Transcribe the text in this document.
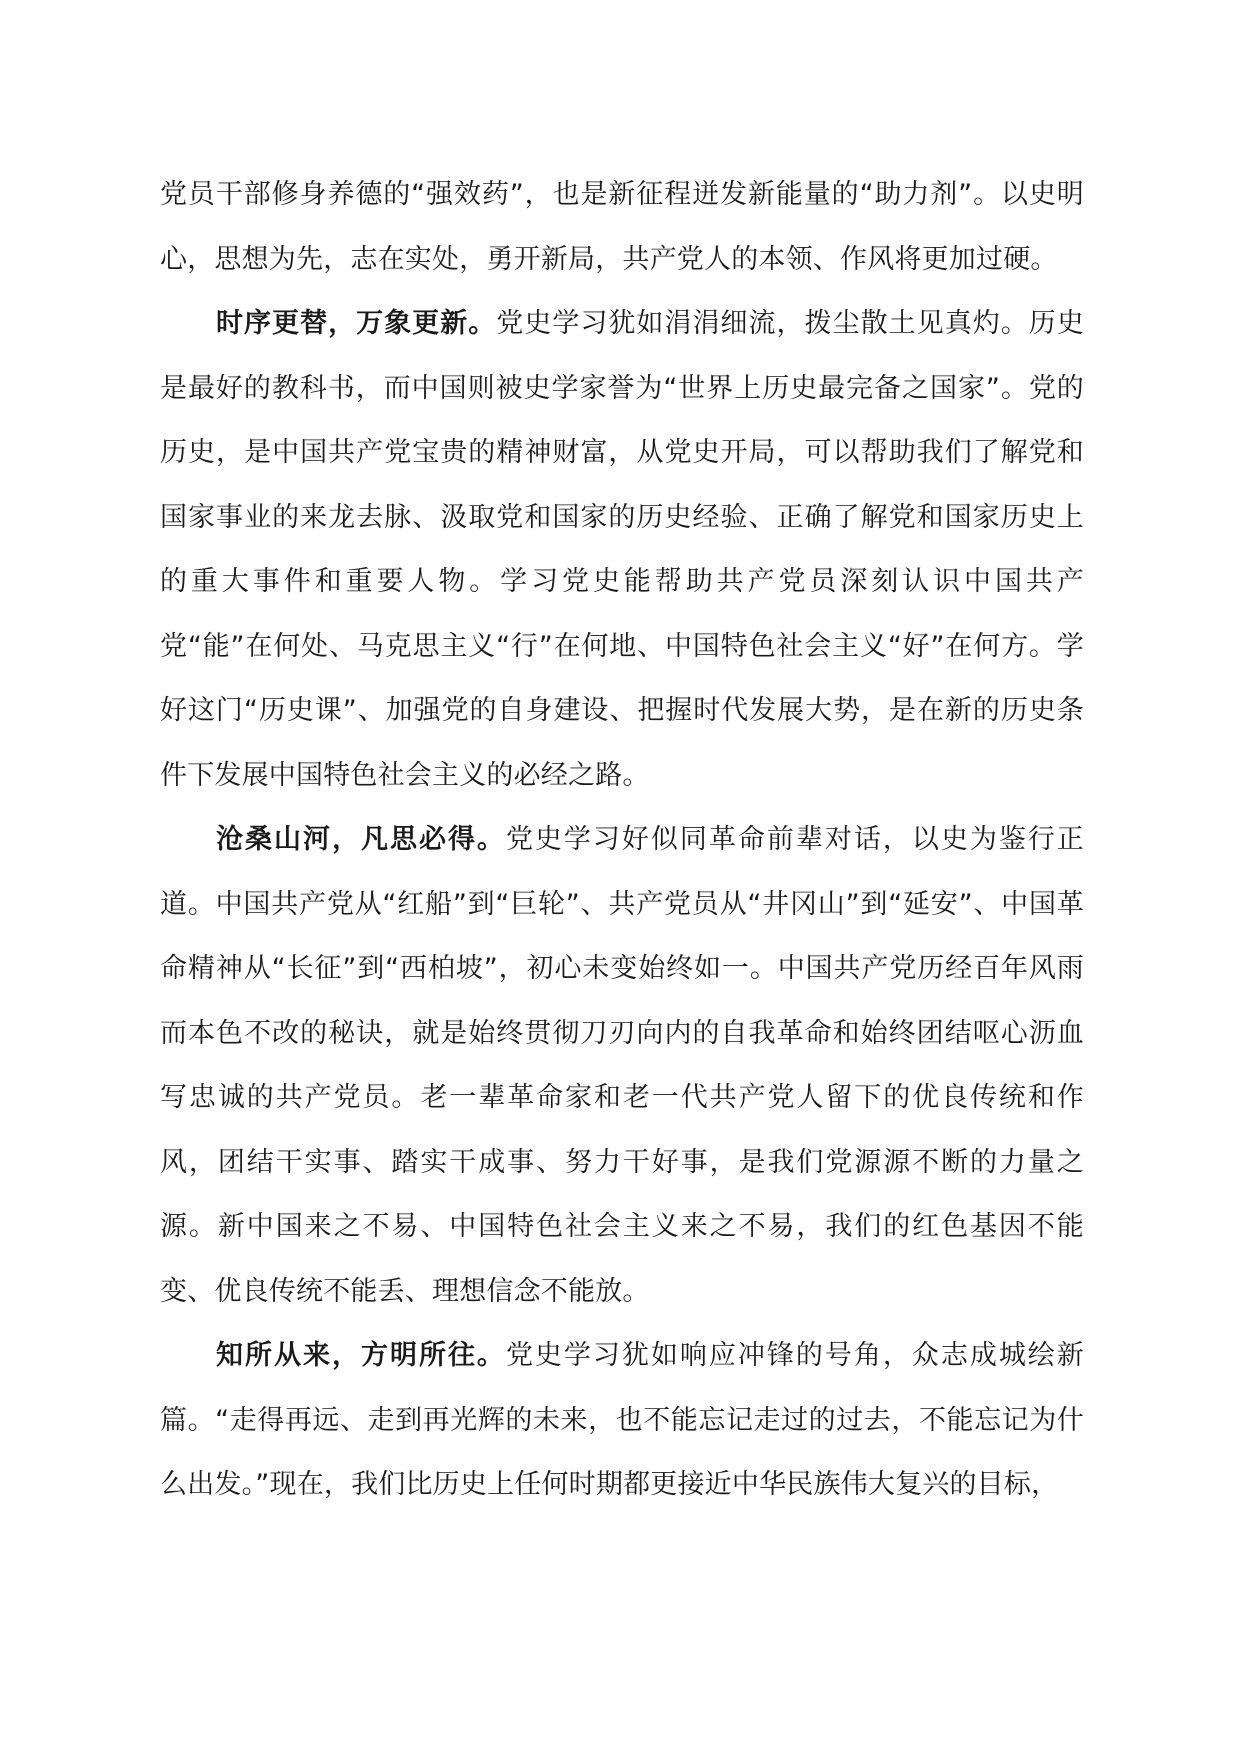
党员干部修身养德的“强效药”，也是新征程迸发新能量的“助力剂”。以史明心，思想为先，志在实处，勇开新局，共产党人的本领、作风将更加过硬。

时序更替，万象更新。党史学习犹如涓涓细流，拨尘散土见真灼。历史是最好的教科书，而中国则被史学家誉为“世界上历史最完备之国家”。党的历史，是中国共产党宝贵的精神财富，从党史开局，可以帮助我们了解党和国家事业的来龙去脉、汲取党和国家的历史经验、正确了解党和国家历史上的重大事件和重要人物。学习党史能帮助共产党员深刻认识中国共产党“能”在何处、马克思主义“行”在何地、中国特色社会主义“好”在何方。学好这门“历史课”、加强党的自身建设、把握时代发展大势，是在新的历史条件下发展中国特色社会主义的必经之路。

沧桑山河，凡思必得。党史学习好似同革命前辈对话，以史为鉴行正道。中国共产党从“红船”到“巨轮”、共产党员从“井冈山”到“延安”、中国革命精神从“长征”到“西柏坡”，初心未变始终如一。中国共产党历经百年风雨而本色不改的秘诀，就是始终贯彻刀刃向内的自我革命和始终团结呕心沥血写忠诚的共产党员。老一辈革命家和老一代共产党人留下的优良传统和作风，团结干实事、踏实干成事、努力干好事，是我们党源源不断的力量之源。新中国来之不易、中国特色社会主义来之不易，我们的红色基因不能变、优良传统不能丢、理想信念不能放。

知所从来，方明所往。党史学习犹如响应冲锋的号角，众志成城绘新篇。“走得再远、走到再光辉的未来，也不能忘记走过的过去，不能忘记为什么出发。”现在，我们比历史上任何时期都更接近中华民族伟大复兴的目标，
